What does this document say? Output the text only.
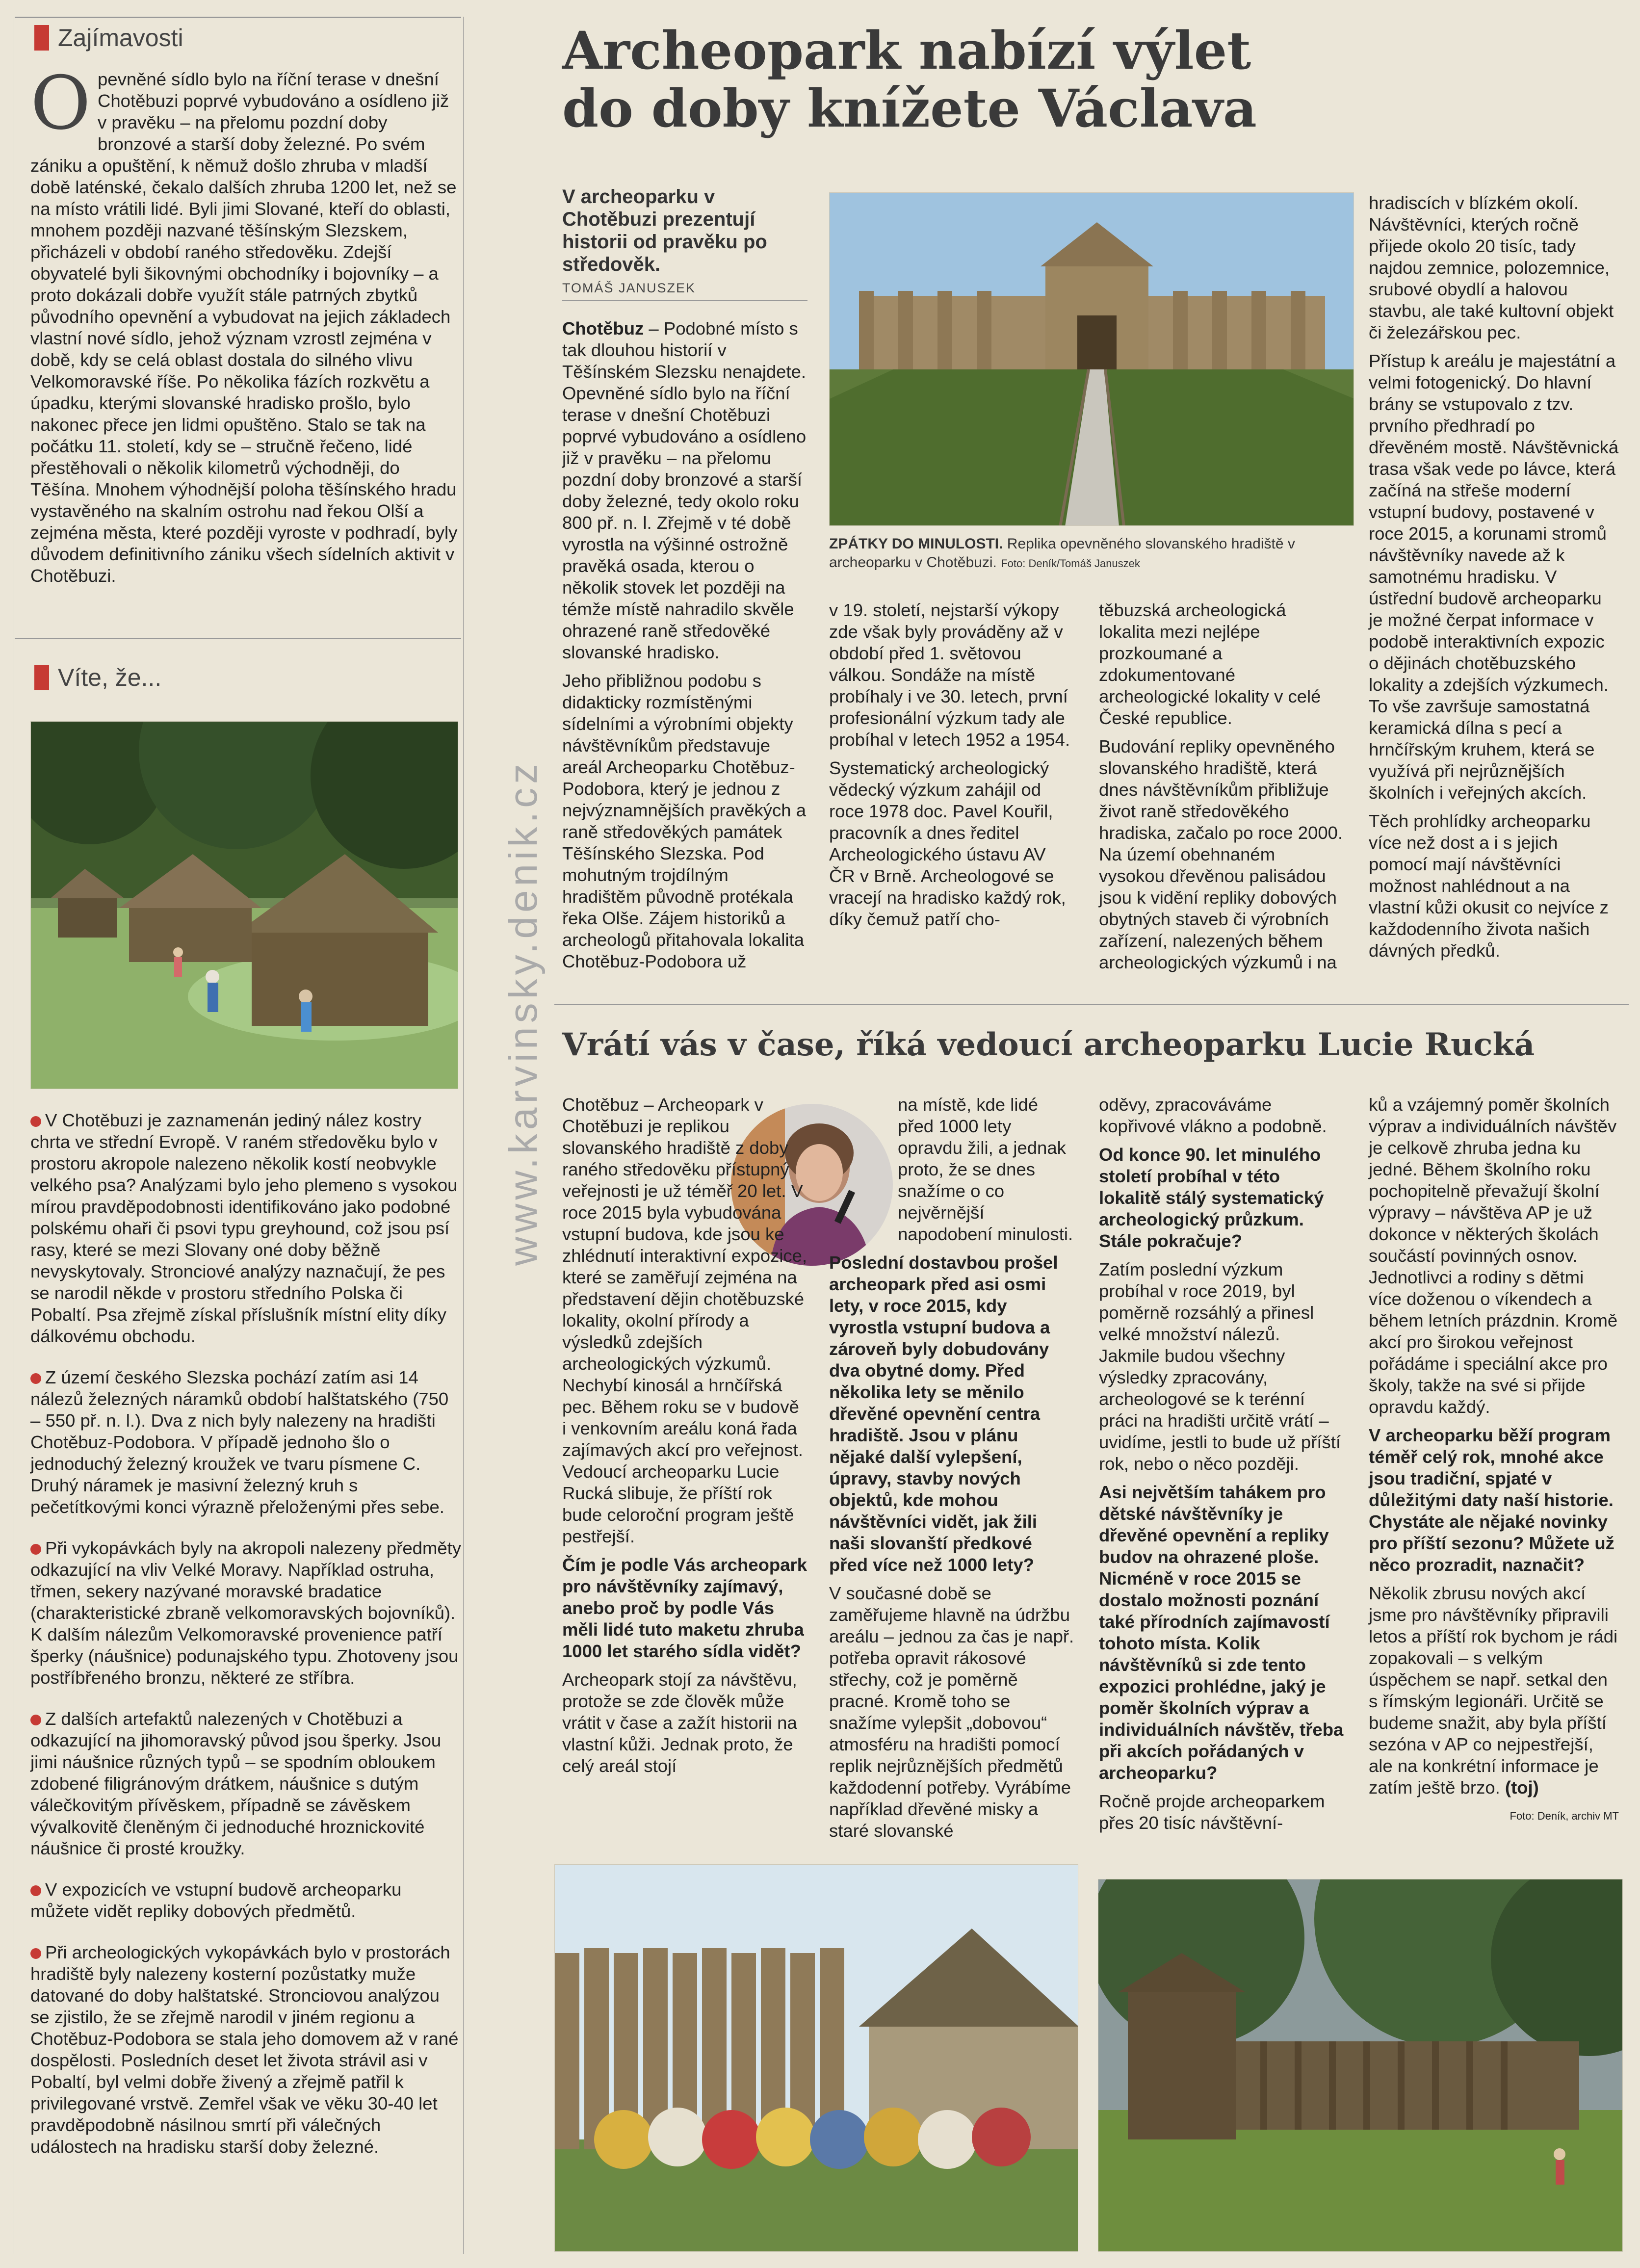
Zajímavosti
O pevněné sídlo bylo na říční terase v dnešní Chotěbuzi poprvé vybudováno a osídleno již v pravěku – na přelomu pozdní doby bronzové a starší doby železné. Po svém zániku a opuštění, k němuž došlo zhruba v mladší době laténské, čekalo dalších zhruba 1200 let, než se na místo vrátili lidé. Byli jimi Slované, kteří do oblasti, mnohem později nazvané těšínským Slezskem, přicházeli v období raného středověku. Zdejší obyvatelé byli šikovnými obchodníky i bojovníky – a proto dokázali dobře využít stále patrných zbytků původního opevnění a vybudovat na jejich základech vlastní nové sídlo, jehož význam vzrostl zejména v době, kdy se celá oblast dostala do silného vlivu Velkomoravské říše. Po několika fázích rozkvětu a úpadku, kterými slovanské hradisko prošlo, bylo nakonec přece jen lidmi opuštěno. Stalo se tak na počátku 11. století, kdy se – stručně řečeno, lidé přestěhovali o několik kilometrů východněji, do Těšína. Mnohem výhodnější poloha těšínského hradu vystavěného na skalním ostrohu nad řekou Olší a zejména města, které později vyroste v podhradí, byly důvodem definitivního zániku všech sídelních aktivit v Chotěbuzi.
Víte, že...
V Chotěbuzi je zaznamenán jediný nález kostry chrta ve střední Evropě. V raném středověku bylo v prostoru akropole nalezeno několik kostí neobvykle velkého psa? Analýzami bylo jeho plemeno s vysokou mírou pravděpodobnosti identifikováno jako podobné polskému ohaři či psovi typu greyhound, což jsou psí rasy, které se mezi Slovany oné doby běžně nevyskytovaly. Stronciové analýzy naznačují, že pes se narodil někde v prostoru středního Polska či Pobaltí. Psa zřejmě získal příslušník místní elity díky dálkovému obchodu.
Z území českého Slezska pochází zatím asi 14 nálezů železných náramků období halštatského (750 – 550 př. n. l.). Dva z nich byly nalezeny na hradišti Chotěbuz-Podobora. V případě jednoho šlo o jednoduchý železný kroužek ve tvaru písmene C. Druhý náramek je masivní železný kruh s pečetítkovými konci výrazně přeloženými přes sebe.
Při vykopávkách byly na akropoli nalezeny předměty odkazující na vliv Velké Moravy. Například ostruha, třmen, sekery nazývané moravské bradatice (charakteristické zbraně velkomoravských bojovníků). K dalším nálezům Velkomoravské provenience patří šperky (náušnice) podunajského typu. Zhotoveny jsou postříbřeného bronzu, některé ze stříbra.
Z dalších artefaktů nalezených v Chotěbuzi a odkazující na jihomoravský původ jsou šperky. Jsou jimi náušnice různých typů – se spodním obloukem zdobené filigránovým drátkem, náušnice s dutým válečkovitým přívěskem, případně se závěskem vývalkovitě členěným či jednoduché hroznickovité náušnice či prosté kroužky.
V expozicích ve vstupní budově archeoparku můžete vidět repliky dobových předmětů.
Při archeologických vykopávkách bylo v prostorách hradiště byly nalezeny kosterní pozůstatky muže datované do doby halštatské. Stronciovou analýzou se zjistilo, že se zřejmě narodil v jiném regionu a Chotěbuz-Podobora se stala jeho domovem až v rané dospělosti. Posledních deset let života strávil asi v Pobaltí, byl velmi dobře živený a zřejmě patřil k privilegované vrstvě. Zemřel však ve věku 30-40 let pravděpodobně násilnou smrtí při válečných událostech na hradisku starší doby železné.
www.karvinsky.denik.cz
Archeopark nabízí výlet
do doby knížete Václava
V archeoparku v Chotěbuzi prezentují historii od pravěku po středověk.
TOMÁŠ JANUSZEK
ZPÁTKY DO MINULOSTI. Replika opevněného slovanského hradiště v archeoparku v Chotěbuzi. Foto: Deník/Tomáš Januszek

Chotěbuz – Podobné místo s tak dlouhou historií v Těšínském Slezsku nenajdete. Opevněné sídlo bylo na říční terase v dnešní Chotěbuzi poprvé vybudováno a osídleno již v pravěku – na přelomu pozdní doby bronzové a starší doby železné, tedy okolo roku 800 př. n. l. Zřejmě v té době vyrostla na výšinné ostrožně pravěká osada, kterou o několik stovek let později na témže místě nahradilo skvěle ohrazené raně středověké slovanské hradisko.

Jeho přibližnou podobu s didakticky rozmístěnými sídelními a výrobními objekty návštěvníkům představuje areál Archeoparku Chotěbuz-Podobora, který je jednou z nejvýznamnějších pravěkých a raně středověkých památek Těšínského Slezska. Pod mohutným trojdílným hradištěm původně protékala řeka Olše. Zájem historiků a archeologů přitahovala lokalita Chotěbuz-Podobora už

v 19. století, nejstarší výkopy zde však byly prováděny až v období před 1. světovou válkou. Sondáže na místě probíhaly i ve 30. letech, první profesionální výzkum tady ale probíhal v letech 1952 a 1954.

Systematický archeologický vědecký výzkum zahájil od roce 1978 doc. Pavel Kouřil, pracovník a dnes ředitel Archeologického ústavu AV ČR v Brně. Archeologové se vracejí na hradisko každý rok, díky čemuž patří cho-

těbuzská archeologická lokalita mezi nejlépe prozkoumané a zdokumentované archeologické lokality v celé České republice.

Budování repliky opevněného slovanského hradiště, která dnes návštěvníkům přibližuje život raně středověkého hradiska, začalo po roce 2000. Na území obehnaném vysokou dřevěnou palisádou jsou k vidění repliky dobových obytných staveb či výrobních zařízení, nalezených během archeologických výzkumů i na

hradiscích v blízkém okolí. Návštěvníci, kterých ročně přijede okolo 20 tisíc, tady najdou zemnice, polozemnice, srubové obydlí a halovou stavbu, ale také kultovní objekt či železářskou pec.

Přístup k areálu je majestátní a velmi fotogenický. Do hlavní brány se vstupovalo z tzv. prvního předhradí po dřevěném mostě. Návštěvnická trasa však vede po lávce, která začíná na střeše moderní vstupní budovy, postavené v roce 2015, a korunami stromů návštěvníky navede až k samotnému hradisku. V ústřední budově archeoparku je možné čerpat informace v podobě interaktivních expozic o dějinách chotěbuzského lokality a zdejších výzkumech. To vše završuje samostatná keramická dílna s pecí a hrnčířským kruhem, která se využívá při nejrůznějších školních i veřejných akcích.

Těch prohlídky archeoparku více než dost a i s jejich pomocí mají návštěvníci možnost nahlédnout a na vlastní kůži okusit co nejvíce z každodenního života našich dávných předků.

Vrátí vás v čase, říká vedoucí archeoparku Lucie Rucká

Chotěbuz – Archeopark v Chotěbuzi je replikou slovanského hradiště z doby raného středověku přístupný veřejnosti je už téměř 20 let. V roce 2015 byla vybudována vstupní budova, kde jsou ke zhlédnutí interaktivní expozice, které se zaměřují zejména na představení dějin chotěbuzské lokality, okolní přírody a výsledků zdejších archeologických výzkumů. Nechybí kinosál a hrnčířská pec. Během roku se v budově i venkovním areálu koná řada zajímavých akcí pro veřejnost. Vedoucí archeoparku Lucie Rucká slibuje, že příští rok bude celoroční program ještě pestřejší.

Čím je podle Vás archeopark pro návštěvníky zajímavý, anebo proč by podle Vás měli lidé tuto maketu zhruba 1000 let starého sídla vidět?

Archeopark stojí za návštěvu, protože se zde člověk může vrátit v čase a zažít historii na vlastní kůži. Jednak proto, že celý areál stojí

na místě, kde lidé před 1000 lety opravdu žili, a jednak proto, že se dnes snažíme o co nejvěrnější napodobení minulosti.

Poslední dostavbou prošel archeopark před asi osmi lety, v roce 2015, kdy vyrostla vstupní budova a zároveň byly dobudovány dva obytné domy. Před několika lety se měnilo dřevěné opevnění centra hradiště. Jsou v plánu nějaké další vylepšení, úpravy, stavby nových objektů, kde mohou návštěvníci vidět, jak žili naši slovanští předkové před více než 1000 lety?

V současné době se zaměřujeme hlavně na údržbu areálu – jednou za čas je např. potřeba opravit rákosové střechy, což je poměrně pracné. Kromě toho se snažíme vylepšit „dobovou“ atmosféru na hradišti pomocí replik nejrůznějších předmětů každodenní potřeby. Vyrábíme například dřevěné misky a staré slovanské

oděvy, zpracováváme kopřivové vlákno a podobně.

Od konce 90. let minulého století probíhal v této lokalitě stálý systematický archeologický průzkum. Stále pokračuje?

Zatím poslední výzkum probíhal v roce 2019, byl poměrně rozsáhlý a přinesl velké množství nálezů. Jakmile budou všechny výsledky zpracovány, archeologové se k terénní práci na hradišti určitě vrátí – uvidíme, jestli to bude už příští rok, nebo o něco později.

Asi největším tahákem pro dětské návštěvníky je dřevěné opevnění a repliky budov na ohrazené ploše. Nicméně v roce 2015 se dostalo možnosti poznání také přírodních zajímavostí tohoto místa. Kolik návštěvníků si zde tento expozici prohlédne, jaký je poměr školních výprav a individuálních návštěv, třeba při akcích pořádaných v archeoparku?

Ročně projde archeoparkem přes 20 tisíc návštěvní-

ků a vzájemný poměr školních výprav a individuálních návštěv je celkově zhruba jedna ku jedné. Během školního roku pochopitelně převažují školní výpravy – návštěva AP je už dokonce v některých školách součástí povinných osnov. Jednotlivci a rodiny s dětmi více doženou o víkendech a během letních prázdnin. Kromě akcí pro širokou veřejnost pořádáme i speciální akce pro školy, takže na své si přijde opravdu každý.

V archeoparku běží program téměř celý rok, mnohé akce jsou tradiční, spjaté v důležitými daty naší historie. Chystáte ale nějaké novinky pro příští sezonu? Můžete už něco prozradit, naznačit?

Několik zbrusu nových akcí jsme pro návštěvníky připravili letos a příští rok bychom je rádi zopakovali – s velkým úspěchem se např. setkal den s římským legionáři. Určitě se budeme snažit, aby byla příští sezóna v AP co nejpestřejší, ale na konkrétní informace je zatím ještě brzo. (toj)

Foto: Deník, archiv MT
